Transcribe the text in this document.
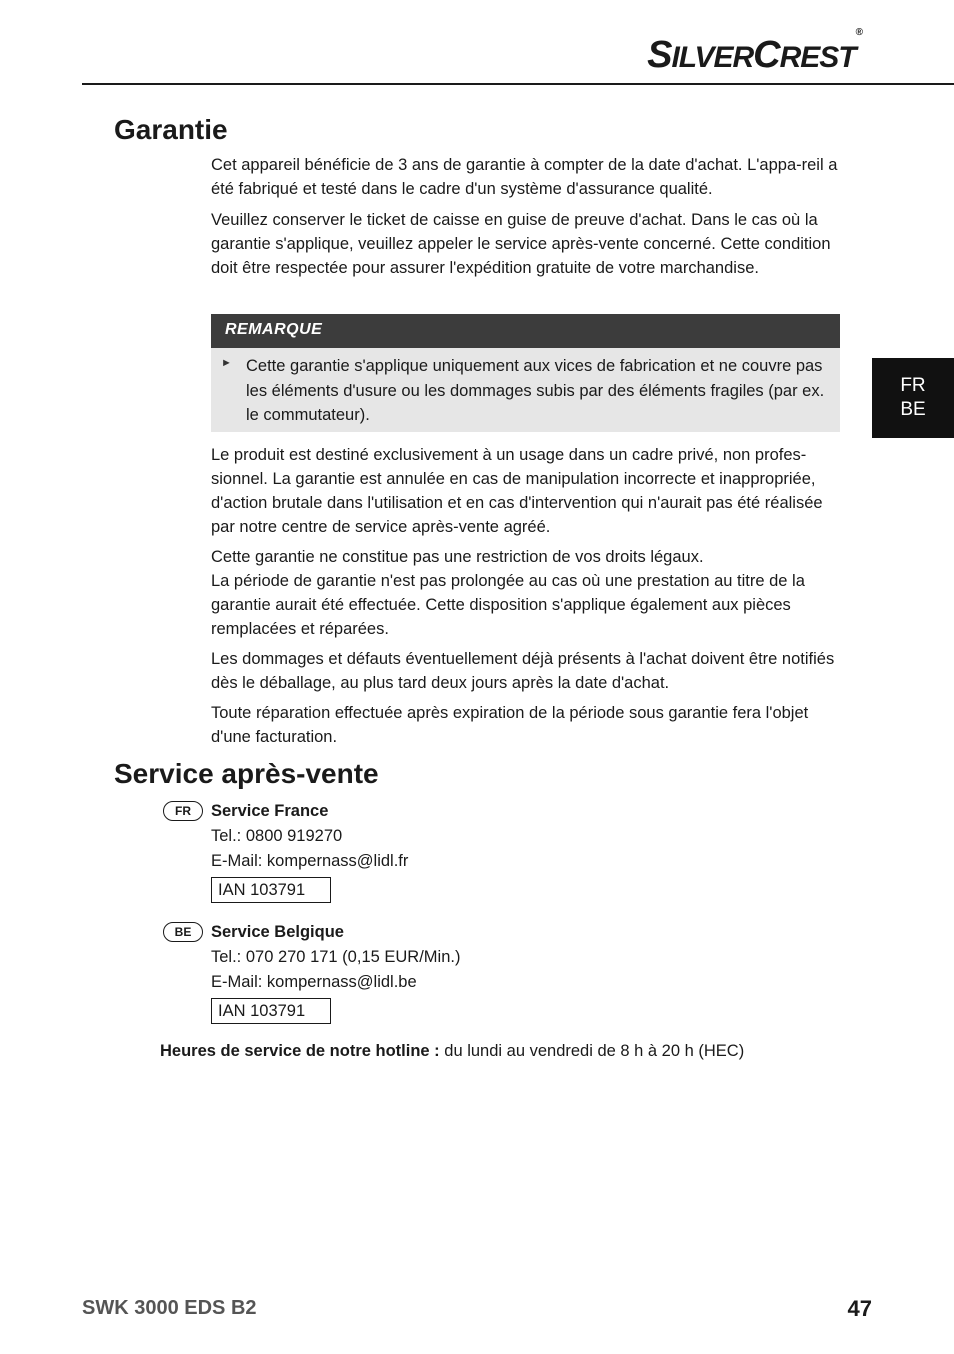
SILVERCREST®
FR
BE
Garantie

Cet appareil bénéficie de 3 ans de garantie à compter de la date d'achat. L'appa-reil a été fabriqué et testé dans le cadre d'un système d'assurance qualité.

Veuillez conserver le ticket de caisse en guise de preuve d'achat. Dans le cas où la garantie s'applique, veuillez appeler le service après-vente concerné. Cette condition doit être respectée pour assurer l'expédition gratuite de votre marchandise.

REMARQUE
► Cette garantie s'applique uniquement aux vices de fabrication et ne couvre pas les éléments d'usure ou les dommages subis par des éléments fragiles (par ex. le commutateur).

Le produit est destiné exclusivement à un usage dans un cadre privé, non profes-sionnel. La garantie est annulée en cas de manipulation incorrecte et inappropriée, d'action brutale dans l'utilisation et en cas d'intervention qui n'aurait pas été réalisée par notre centre de service après-vente agréé.

Cette garantie ne constitue pas une restriction de vos droits légaux.

La période de garantie n'est pas prolongée au cas où une prestation au titre de la garantie aurait été effectuée. Cette disposition s'applique également aux pièces remplacées et réparées.

Les dommages et défauts éventuellement déjà présents à l'achat doivent être notifiés dès le déballage, au plus tard deux jours après la date d'achat.

Toute réparation effectuée après expiration de la période sous garantie fera l'objet d'une facturation.

Service après-vente
FR	Service France
Tel.: 0800 919270
E-Mail: kompernass@lidl.fr
IAN 103791
BE	Service Belgique
Tel.: 070 270 171 (0,15 EUR/Min.)
E-Mail: kompernass@lidl.be
IAN 103791
Heures de service de notre hotline : du lundi au vendredi de 8 h à 20 h (HEC)
SWK 3000 EDS B2	47
